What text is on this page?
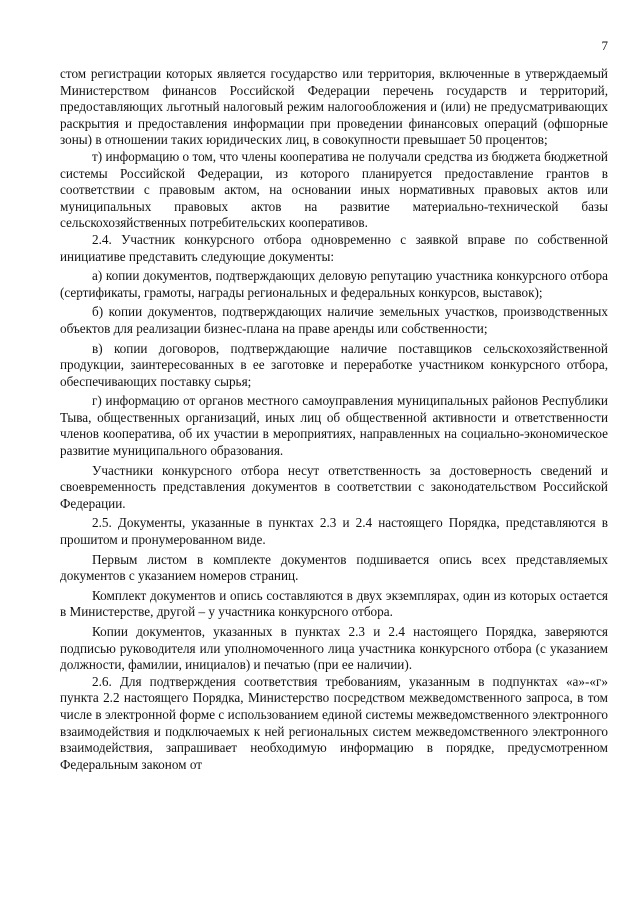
7

стом регистрации которых является государство или территория, включенные в утверждаемый Министерством финансов Российской Федерации перечень государств и территорий, предоставляющих льготный налоговый режим налогообложения и (или) не предусматривающих раскрытия и предоставления информации при проведении финансовых операций (офшорные зоны) в отношении таких юридических лиц, в совокупности превышает 50 процентов;

т) информацию о том, что члены кооператива не получали средства из бюджета бюджетной системы Российской Федерации, из которого планируется предоставление грантов в соответствии с правовым актом, на основании иных нормативных правовых актов или муниципальных правовых актов на развитие материально-технической базы сельскохозяйственных потребительских кооперативов.

2.4. Участник конкурсного отбора одновременно с заявкой вправе по собственной инициативе представить следующие документы:

а) копии документов, подтверждающих деловую репутацию участника конкурсного отбора (сертификаты, грамоты, награды региональных и федеральных конкурсов, выставок);

б) копии документов, подтверждающих наличие земельных участков, производственных объектов для реализации бизнес-плана на праве аренды или собственности;

в) копии договоров, подтверждающие наличие поставщиков сельскохозяйственной продукции, заинтересованных в ее заготовке и переработке участником конкурсного отбора, обеспечивающих поставку сырья;

г) информацию от органов местного самоуправления муниципальных районов Республики Тыва, общественных организаций, иных лиц об общественной активности и ответственности членов кооператива, об их участии в мероприятиях, направленных на социально-экономическое развитие муниципального образования.

Участники конкурсного отбора несут ответственность за достоверность сведений и своевременность представления документов в соответствии с законодательством Российской Федерации.

2.5. Документы, указанные в пунктах 2.3 и 2.4 настоящего Порядка, представляются в прошитом и пронумерованном виде.

Первым листом в комплекте документов подшивается опись всех представляемых документов с указанием номеров страниц.

Комплект документов и опись составляются в двух экземплярах, один из которых остается в Министерстве, другой – у участника конкурсного отбора.

Копии документов, указанных в пунктах 2.3 и 2.4 настоящего Порядка, заверяются подписью руководителя или уполномоченного лица участника конкурсного отбора (с указанием должности, фамилии, инициалов) и печатью (при ее наличии).

2.6. Для подтверждения соответствия требованиям, указанным в подпунктах «а»-«г» пункта 2.2 настоящего Порядка, Министерство посредством межведомственного запроса, в том числе в электронной форме с использованием единой системы межведомственного электронного взаимодействия и подключаемых к ней региональных систем межведомственного электронного взаимодействия, запрашивает необходимую информацию в порядке, предусмотренном Федеральным законом от
